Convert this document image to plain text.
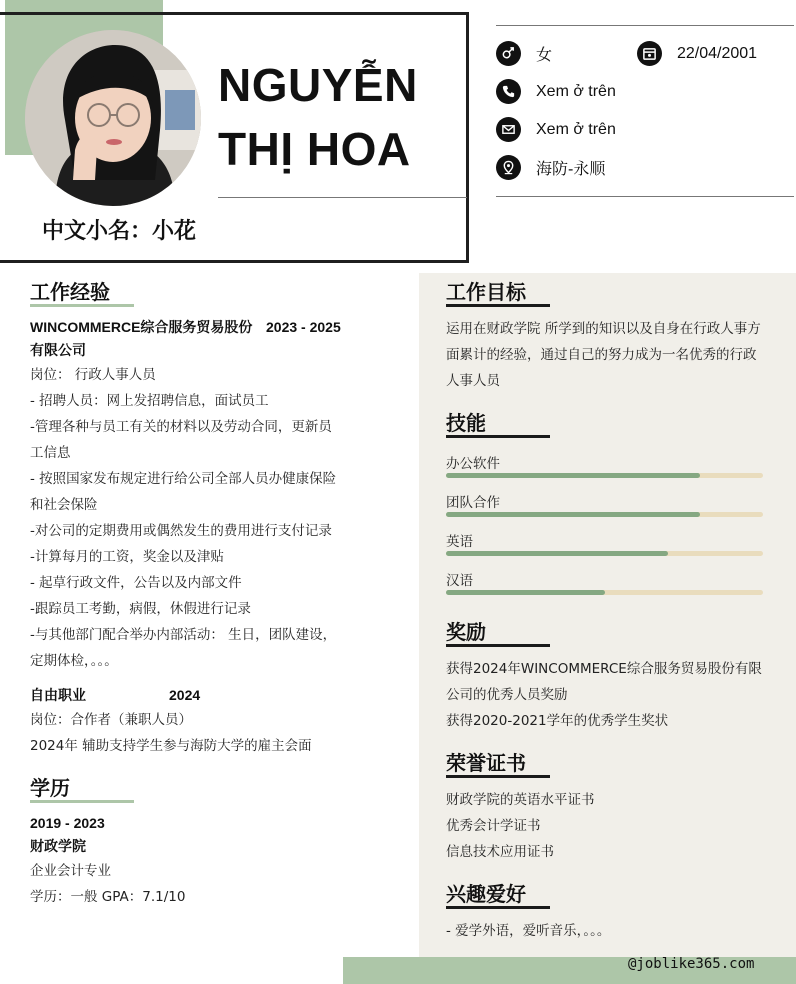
NGUYỄN
THỊ HOA
中文小名：小花
女	22/04/2001
Xem ở trên
Xem ở trên
海防-永顺
工作经验
WINCOMMERCE综合服务贸易股份 2023 - 2025
有限公司
岗位： 行政人事人员
- 招聘人员：网上发招聘信息，面试员工
-管理各种与员工有关的材料以及劳动合同，更新员
工信息
- 按照国家发布规定进行给公司全部人员办健康保险
和社会保险
-对公司的定期费用或偶然发生的费用进行支付记录
-计算每月的工资，奖金以及津贴
- 起草行政文件，公告以及内部文件
-跟踪员工考勤，病假，休假进行记录
-与其他部门配合举办内部活动： 生日，团队建设，
定期体检，。。。
自由职业	2024
岗位：合作者（兼职人员）
2024年 辅助支持学生参与海防大学的雇主会面
学历
2019 - 2023
财政学院
企业会计专业
学历：一般 GPA：7.1/10
工作目标
运用在财政学院 所学到的知识以及自身在行政人事方
面累计的经验，通过自己的努力成为一名优秀的行政
人事人员
技能
办公软件
团队合作
英语
汉语
奖励
获得2024年WINCOMMERCE综合服务贸易股份有限
公司的优秀人员奖励
获得2020-2021学年的优秀学生奖状
荣誉证书
财政学院的英语水平证书
优秀会计学证书
信息技术应用证书
兴趣爱好
- 爱学外语，爱听音乐，。。。
@joblike365.com
